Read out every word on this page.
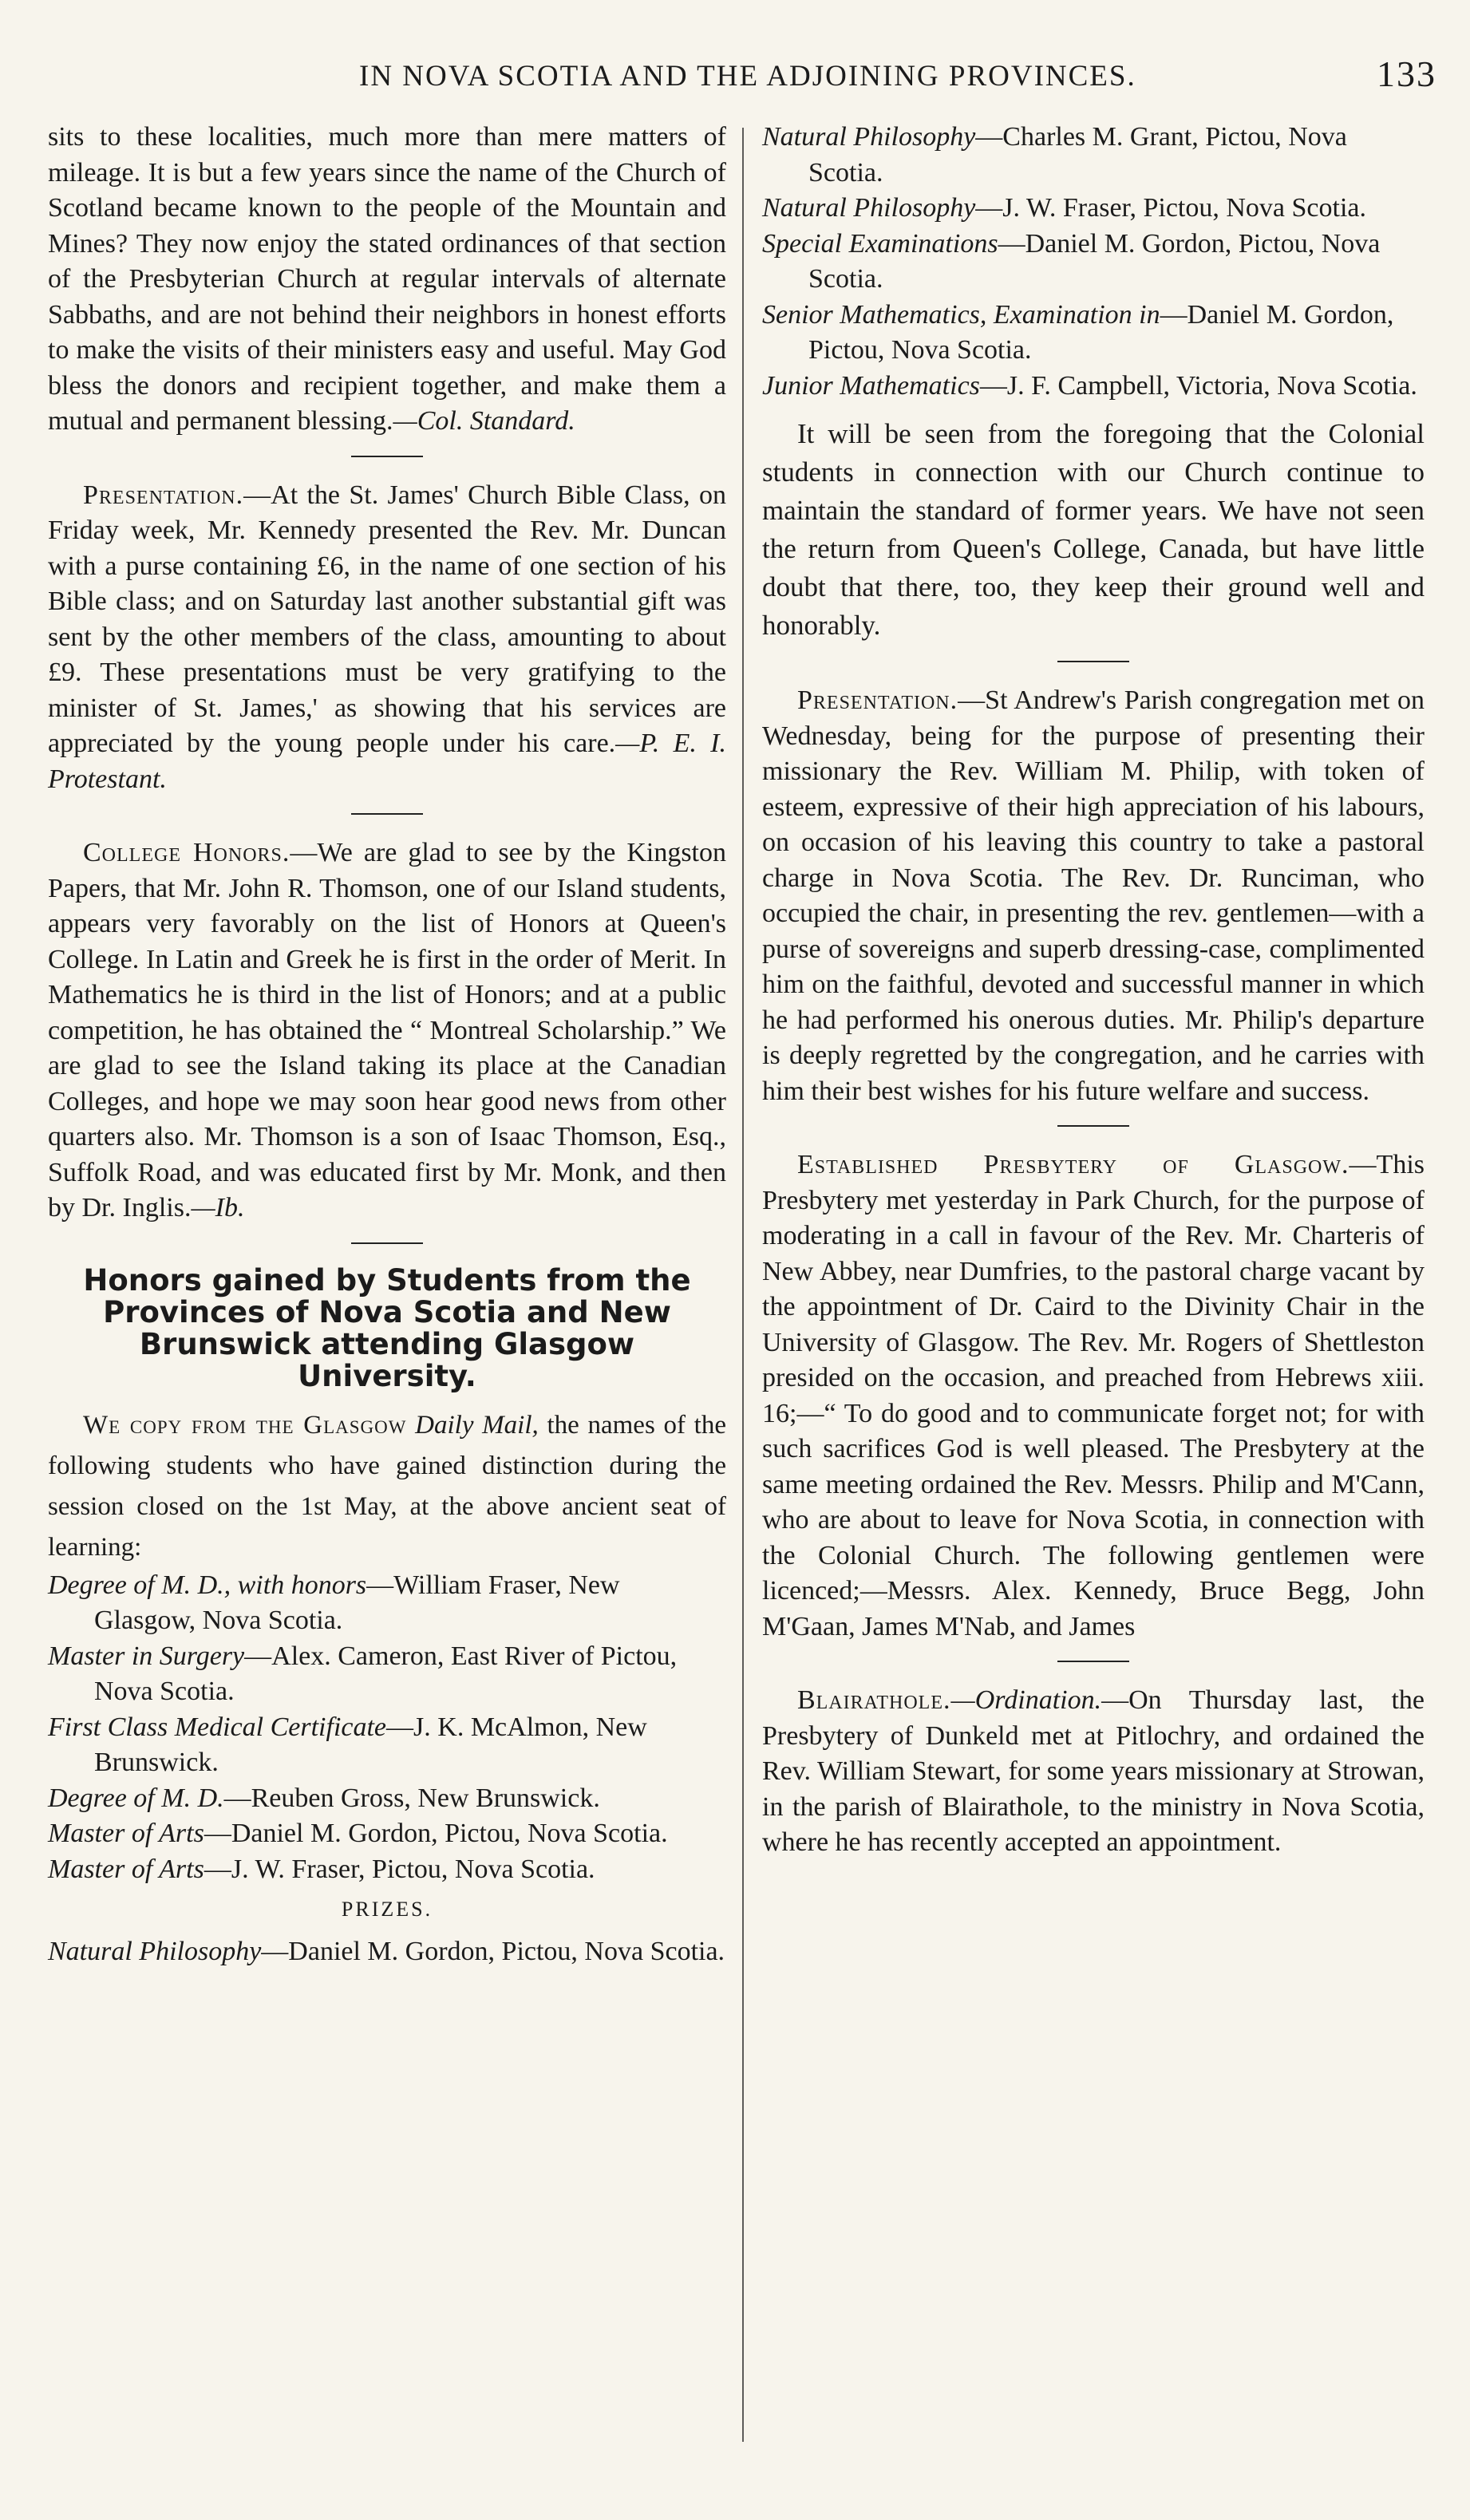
IN NOVA SCOTIA AND THE ADJOINING PROVINCES.	133

sits to these localities, much more than mere matters of mileage. It is but a few years since the name of the Church of Scotland became known to the people of the Mountain and Mines? They now enjoy the stated ordinances of that section of the Presbyterian Church at regular intervals of alternate Sabbaths, and are not behind their neighbors in honest efforts to make the visits of their ministers easy and useful. May God bless the donors and recipient together, and make them a mutual and permanent blessing.—Col. Standard.

Presentation.—At the St. James' Church Bible Class, on Friday week, Mr. Kennedy presented the Rev. Mr. Duncan with a purse containing £6, in the name of one section of his Bible class; and on Saturday last another substantial gift was sent by the other members of the class, amounting to about £9. These presentations must be very gratifying to the minister of St. James,' as showing that his services are appreciated by the young people under his care.—P. E. I. Protestant.

College Honors.—We are glad to see by the Kingston Papers, that Mr. John R. Thomson, one of our Island students, appears very favorably on the list of Honors at Queen's College. In Latin and Greek he is first in the order of Merit. In Mathematics he is third in the list of Honors; and at a public competition, he has obtained the “ Montreal Scholarship.” We are glad to see the Island taking its place at the Canadian Colleges, and hope we may soon hear good news from other quarters also. Mr. Thomson is a son of Isaac Thomson, Esq., Suffolk Road, and was educated first by Mr. Monk, and then by Dr. Inglis.—Ib.

Honors gained by Students from the Provinces of Nova Scotia and New Brunswick attending Glasgow University.

We copy from the Glasgow Daily Mail, the names of the following students who have gained distinction during the session closed on the 1st May, at the above ancient seat of learning:

Degree of M. D., with honors—William Fraser, New Glasgow, Nova Scotia.

Master in Surgery—Alex. Cameron, East River of Pictou, Nova Scotia.

First Class Medical Certificate—J. K. McAlmon, New Brunswick.

Degree of M. D.—Reuben Gross, New Brunswick.

Master of Arts—Daniel M. Gordon, Pictou, Nova Scotia.

Master of Arts—J. W. Fraser, Pictou, Nova Scotia.

PRIZES.

Natural Philosophy—Daniel M. Gordon, Pictou, Nova Scotia.

Natural Philosophy—Charles M. Grant, Pictou, Nova Scotia.

Natural Philosophy—J. W. Fraser, Pictou, Nova Scotia.

Special Examinations—Daniel M. Gordon, Pictou, Nova Scotia.

Senior Mathematics, Examination in—Daniel M. Gordon, Pictou, Nova Scotia.

Junior Mathematics—J. F. Campbell, Victoria, Nova Scotia.

It will be seen from the foregoing that the Colonial students in connection with our Church continue to maintain the standard of former years. We have not seen the return from Queen's College, Canada, but have little doubt that there, too, they keep their ground well and honorably.

Presentation.—St Andrew's Parish congregation met on Wednesday, being for the purpose of presenting their missionary the Rev. William M. Philip, with token of esteem, expressive of their high appreciation of his labours, on occasion of his leaving this country to take a pastoral charge in Nova Scotia. The Rev. Dr. Runciman, who occupied the chair, in presenting the rev. gentlemen—with a purse of sovereigns and superb dressing-case, complimented him on the faithful, devoted and successful manner in which he had performed his onerous duties. Mr. Philip's departure is deeply regretted by the congregation, and he carries with him their best wishes for his future welfare and success.

Established Presbytery of Glasgow.—This Presbytery met yesterday in Park Church, for the purpose of moderating in a call in favour of the Rev. Mr. Charteris of New Abbey, near Dumfries, to the pastoral charge vacant by the appointment of Dr. Caird to the Divinity Chair in the University of Glasgow. The Rev. Mr. Rogers of Shettleston presided on the occasion, and preached from Hebrews xiii. 16;—“ To do good and to communicate forget not; for with such sacrifices God is well pleased. The Presbytery at the same meeting ordained the Rev. Messrs. Philip and M'Cann, who are about to leave for Nova Scotia, in connection with the Colonial Church. The following gentlemen were licenced;—Messrs. Alex. Kennedy, Bruce Begg, John M'Gaan, James M'Nab, and James

Blairathole.—Ordination.—On Thursday last, the Presbytery of Dunkeld met at Pitlochry, and ordained the Rev. William Stewart, for some years missionary at Strowan, in the parish of Blairathole, to the ministry in Nova Scotia, where he has recently accepted an appointment.
